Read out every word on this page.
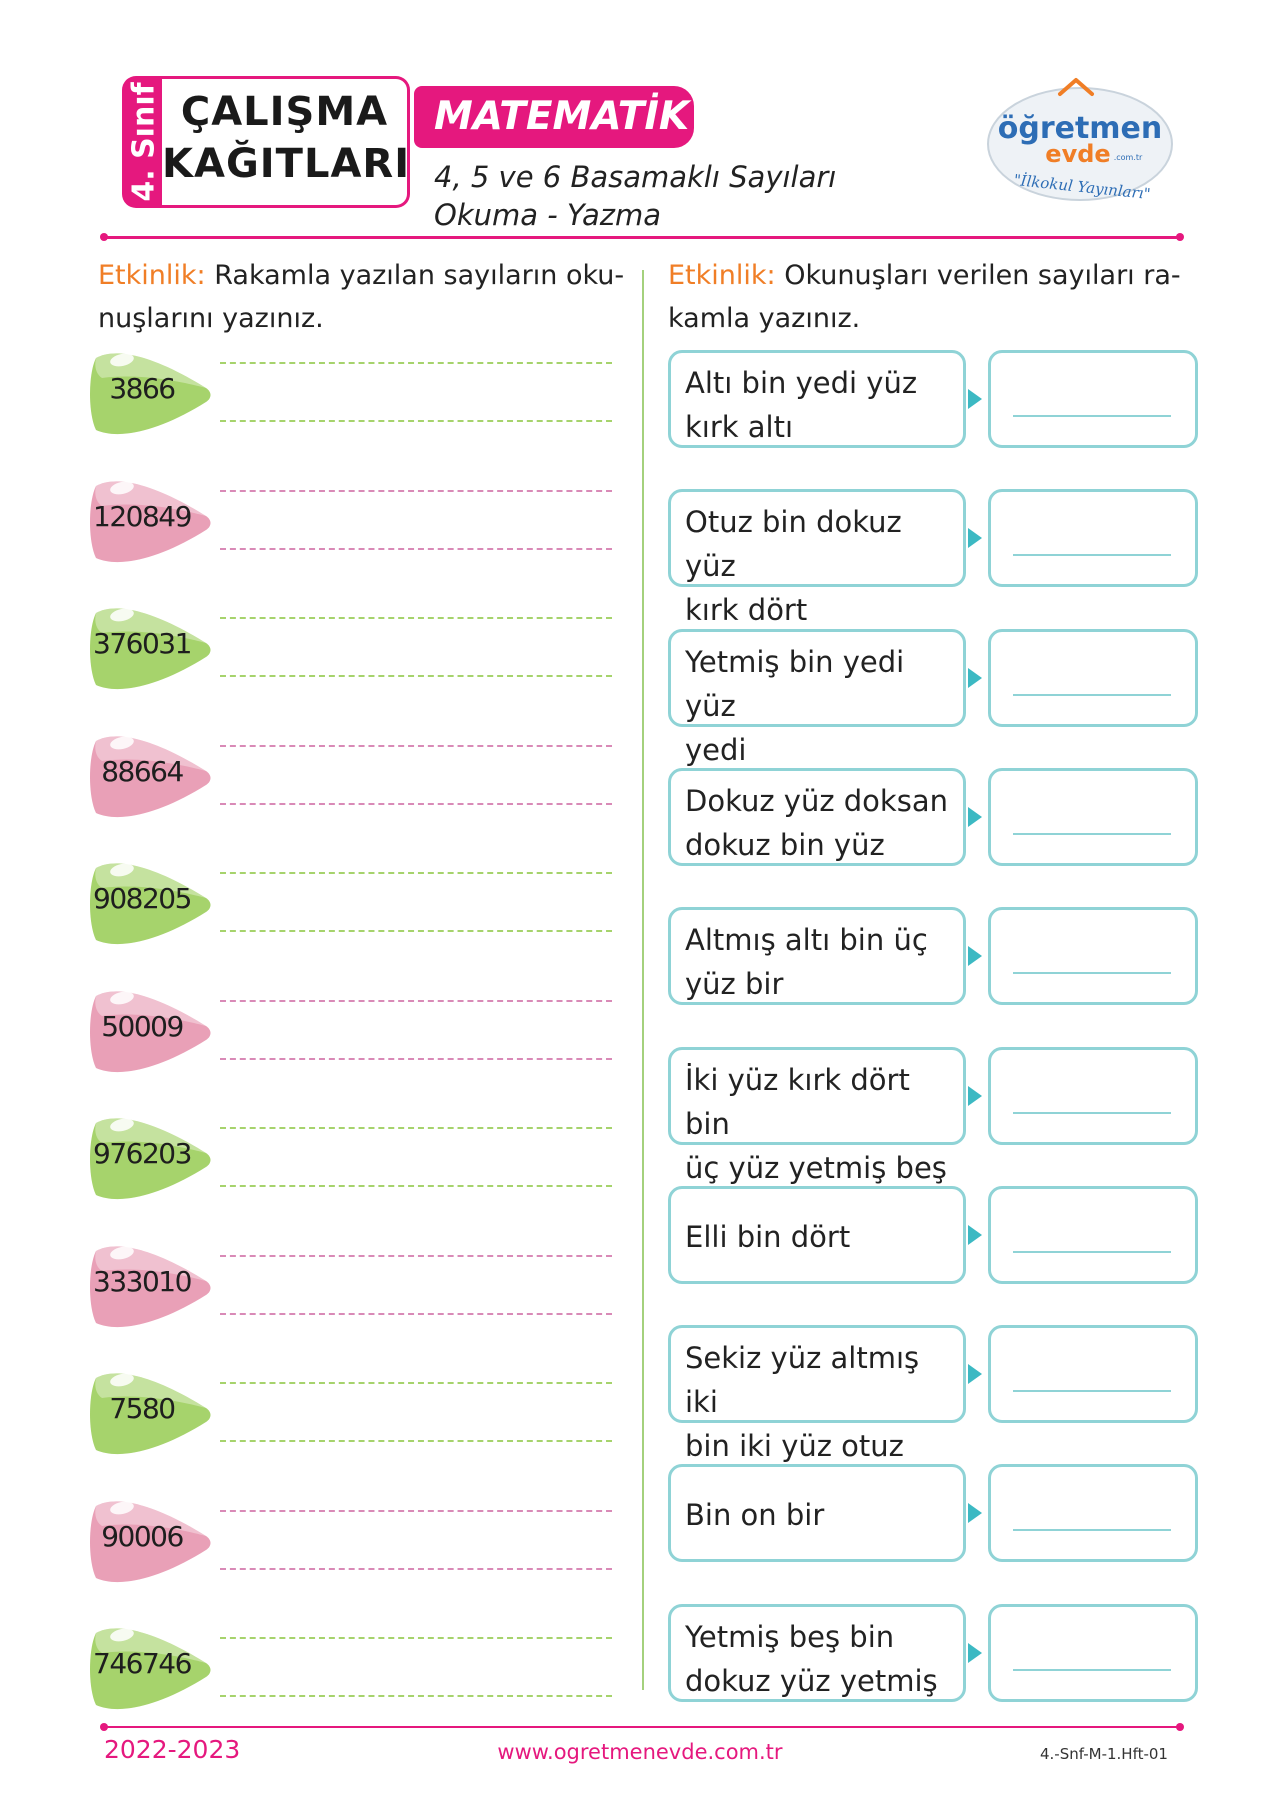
4. Sınıf ÇALIŞMA
KAĞITLARI
MATEMATİK
4, 5 ve 6 Basamaklı Sayıları
Okuma - Yazma
öğretmen
evde .com.tr
"İlkokul Yayınları"
Etkinlik: Rakamla yazılan sayıların oku-
nuşlarını yazınız.
Etkinlik: Okunuşları verilen sayıları ra-
kamla yazınız.
3866
120849
376031
88664
908205
50009
976203
333010
7580
90006
746746
Altı bin yedi yüz
kırk altı
Otuz bin dokuz yüz
kırk dört
Yetmiş bin yedi yüz
yedi
Dokuz yüz doksan
dokuz bin yüz
Altmış altı bin üç
yüz bir
İki yüz kırk dört bin
üç yüz yetmiş beş
Elli bin dört
Sekiz yüz altmış iki
bin iki yüz otuz
Bin on bir
Yetmiş beş bin
dokuz yüz yetmiş
2022-2023	www.ogretmenevde.com.tr	4.-Snf-M-1.Hft-01
